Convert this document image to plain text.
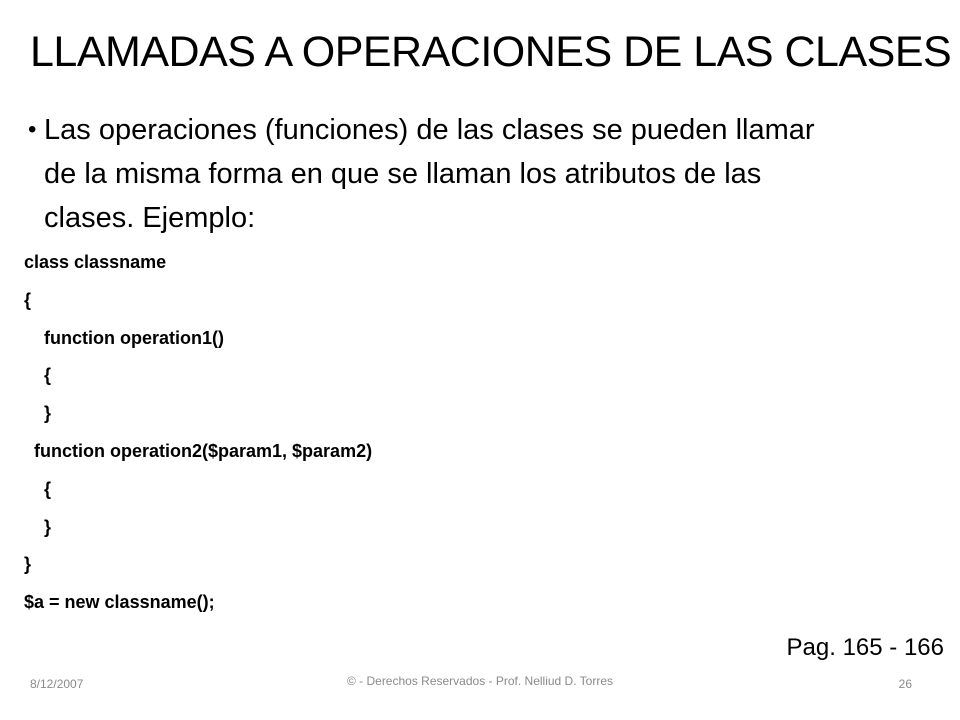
LLAMADAS A OPERACIONES DE LAS CLASES
• Las operaciones (funciones) de las clases se pueden llamar
de la misma forma en que se llaman los atributos de las
clases. Ejemplo:
class classname
{
function operation1()
{
}
function operation2($param1, $param2)
{
}
}
$a = new classname();
Pag. 165 - 166
8/12/2007	© - Derechos Reservados - Prof. Nelliud D. Torres	26
